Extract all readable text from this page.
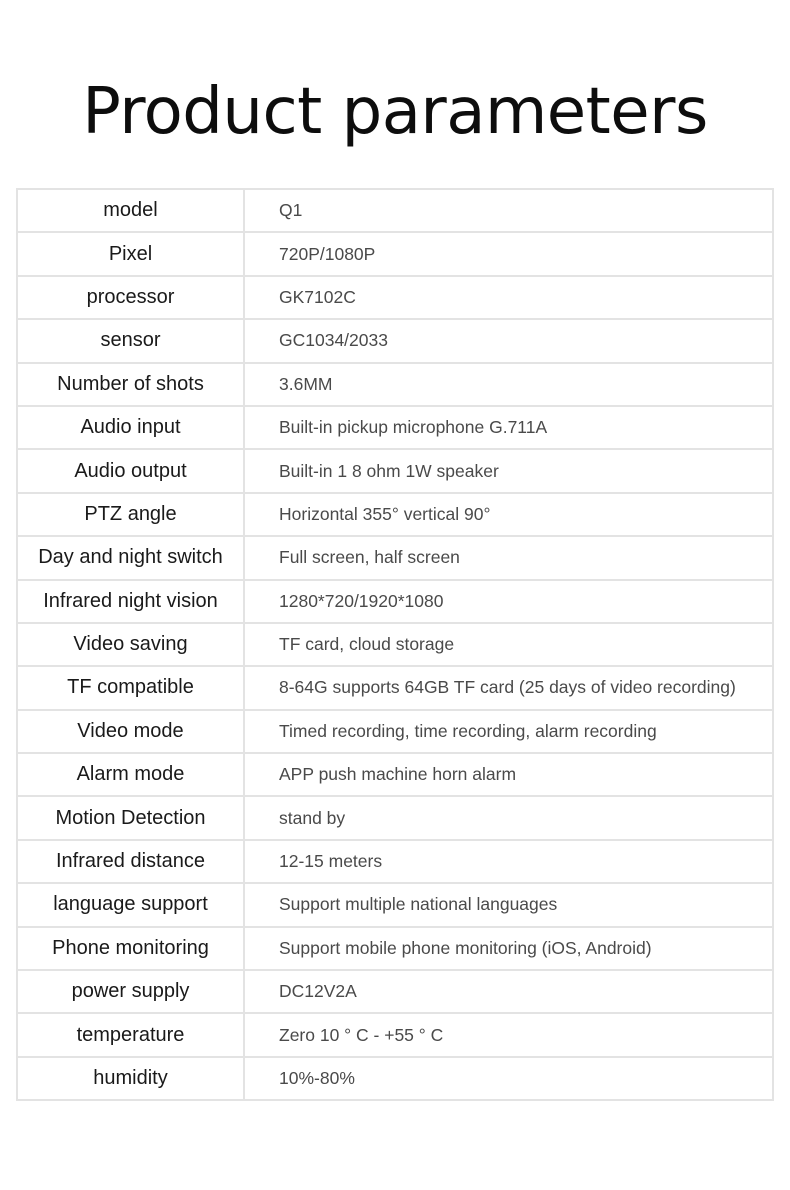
Product parameters
model	Q1
Pixel	720P/1080P
processor	GK7102C
sensor	GC1034/2033
Number of shots	3.6MM
Audio input	Built-in pickup microphone G.711A
Audio output	Built-in 1 8 ohm 1W speaker
PTZ angle	Horizontal 355° vertical 90°
Day and night switch	Full screen, half screen
Infrared night vision	1280*720/1920*1080
Video saving	TF card, cloud storage
TF compatible	8-64G supports 64GB TF card (25 days of video recording)
Video mode	Timed recording, time recording, alarm recording
Alarm mode	APP push machine horn alarm
Motion Detection	stand by
Infrared distance	12-15 meters
language support	Support multiple national languages
Phone monitoring	Support mobile phone monitoring (iOS, Android)
power supply	DC12V2A
temperature	Zero 10 ° C - +55 ° C
humidity	10%-80%
